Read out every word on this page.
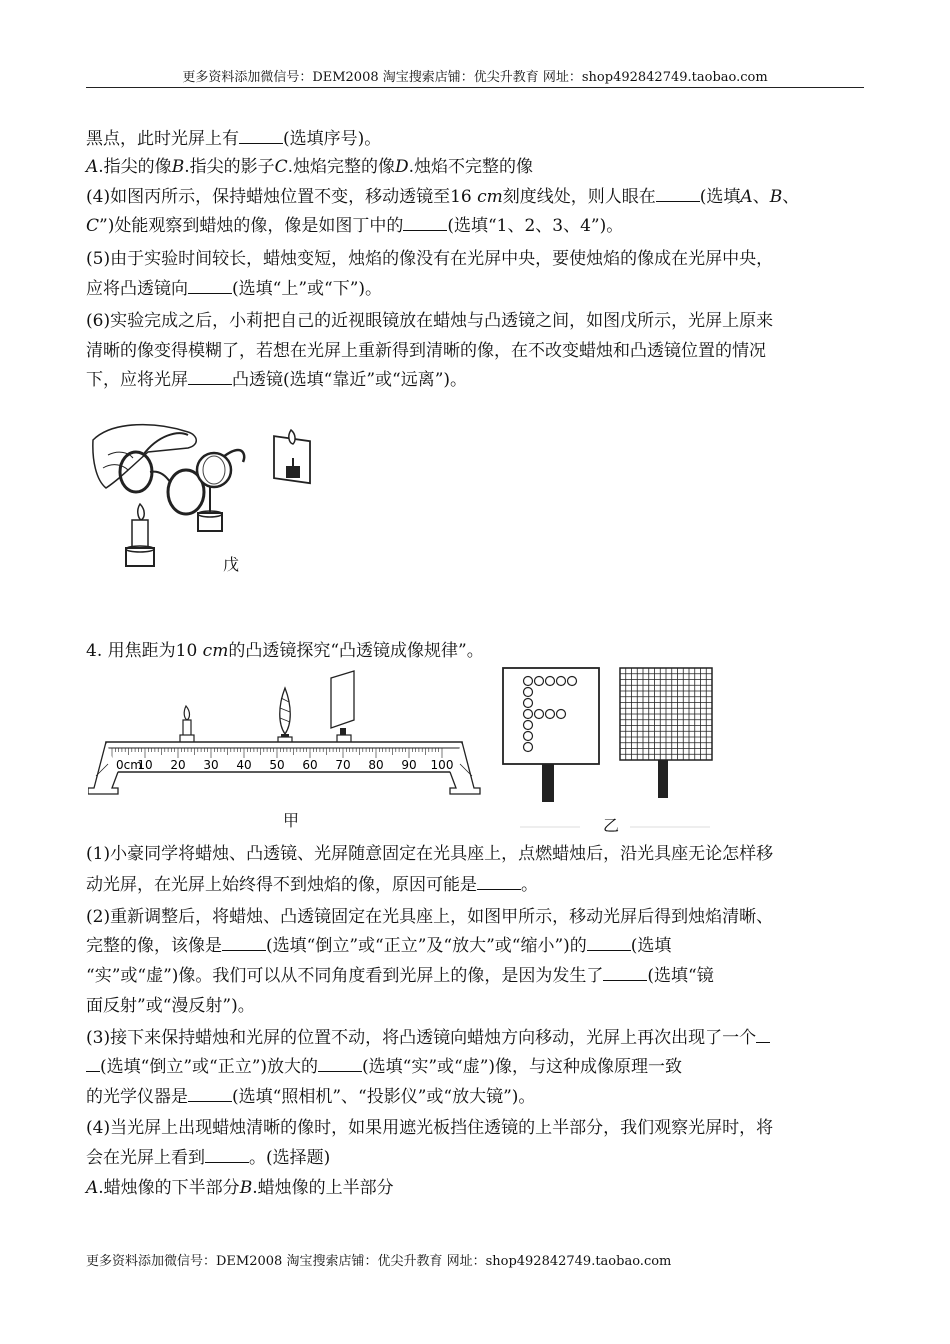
更多资料添加微信号：DEM2008 淘宝搜索店铺：优尖升教育 网址：shop492842749.taobao.com
黑点，此时光屏上有	(选填序号)。
A.指尖的像B.指尖的影子C.烛焰完整的像D.烛焰不完整的像
(4)如图丙所示，保持蜡烛位置不变，移动透镜至16 cm刻度线处，则人眼在	(选填A、B、
C”)处能观察到蜡烛的像，像是如图丁中的	(选填“1、2、3、4”)。
(5)由于实验时间较长，蜡烛变短，烛焰的像没有在光屏中央，要使烛焰的像成在光屏中央，
应将凸透镜向	(选填“上”或“下”)。
(6)实验完成之后，小莉把自己的近视眼镜放在蜡烛与凸透镜之间，如图戊所示，光屏上原来
清晰的像变得模糊了，若想在光屏上重新得到清晰的像，在不改变蜡烛和凸透镜位置的情况
下，应将光屏	凸透镜(选填“靠近”或“远离”)。
戊
4. 用焦距为10 cm的凸透镜探究“凸透镜成像规律”。
0cm
10 20 30 40 50 60 70 80 90 100
甲	乙
(1)小豪同学将蜡烛、凸透镜、光屏随意固定在光具座上，点燃蜡烛后，沿光具座无论怎样移
动光屏，在光屏上始终得不到烛焰的像，原因可能是	。
(2)重新调整后，将蜡烛、凸透镜固定在光具座上，如图甲所示，移动光屏后得到烛焰清晰、
完整的像，该像是	(选填“倒立”或“正立”及“放大”或“缩小”)的	(选填
“实”或“虚”)像。我们可以从不同角度看到光屏上的像，是因为发生了	(选填“镜
面反射”或“漫反射”)。
(3)接下来保持蜡烛和光屏的位置不动，将凸透镜向蜡烛方向移动，光屏上再次出现了一个
(选填“倒立”或“正立”)放大的	(选填“实”或“虚”)像，与这种成像原理一致
的光学仪器是	(选填“照相机”、“投影仪”或“放大镜”)。
(4)当光屏上出现蜡烛清晰的像时，如果用遮光板挡住透镜的上半部分，我们观察光屏时，将
会在光屏上看到	。(选择题)
A.蜡烛像的下半部分B.蜡烛像的上半部分
更多资料添加微信号：DEM2008 淘宝搜索店铺：优尖升教育 网址：shop492842749.taobao.com
